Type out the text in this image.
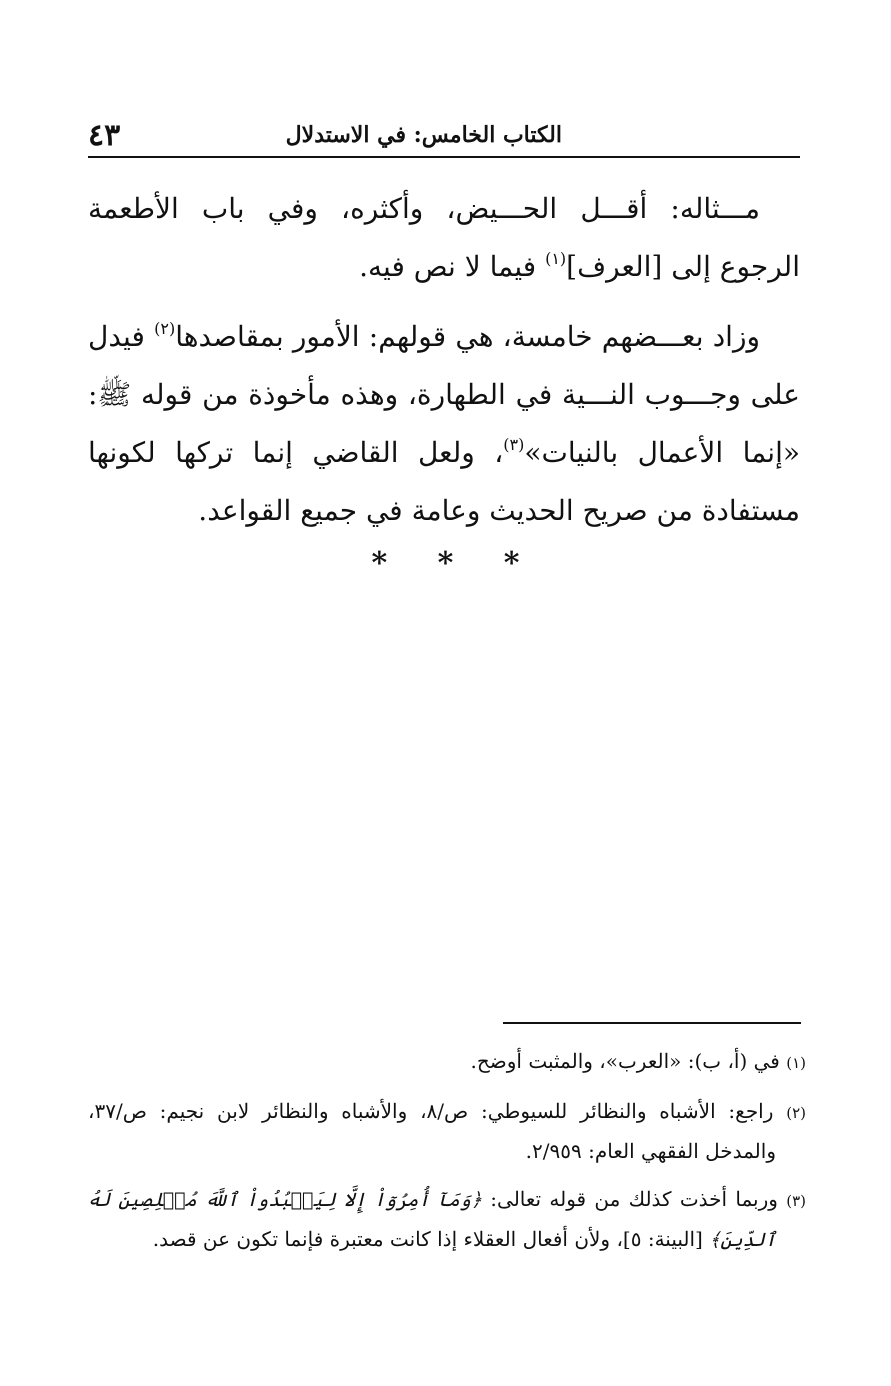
الكتاب الخامس: في الاستدلال
٤٣

مـــثاله: أقـــل الحـــيض، وأكثره، وفي باب الأطعمة الرجوع إلى [العرف]$^{(١)}$ فيما لا نص فيه.

وزاد بعـــضهم خامسة، هي قولهم: الأمور بمقاصدها$^{(٢)}$ فيدل على وجـــوب النـــية في الطهارة، وهذه مأخوذة من قوله ﷺ: «إنما الأعمال بالنيات»$^{(٣)}$، ولعل القاضي إنما تركها لكونها مستفادة من صريح الحديث وعامة في جميع القواعد.

* * *

(١) في (أ، ب): «العرب»، والمثبت أوضح.

(٢) راجع: الأشباه والنظائر للسيوطي: ص/٨، والأشباه والنظائر لابن نجيم: ص/٣٧، والمدخل الفقهي العام: ٢/٩٥٩.

(٣) وربما أخذت كذلك من قوله تعالى: ﴿وَمَآ أُمِرُوٓاْ إِلَّا لِيَعۡبُدُواْ ٱللَّهَ مُخۡلِصِينَ لَهُ ٱلدِّينَ﴾ [البينة: ٥]، ولأن أفعال العقلاء إذا كانت معتبرة فإنما تكون عن قصد.
